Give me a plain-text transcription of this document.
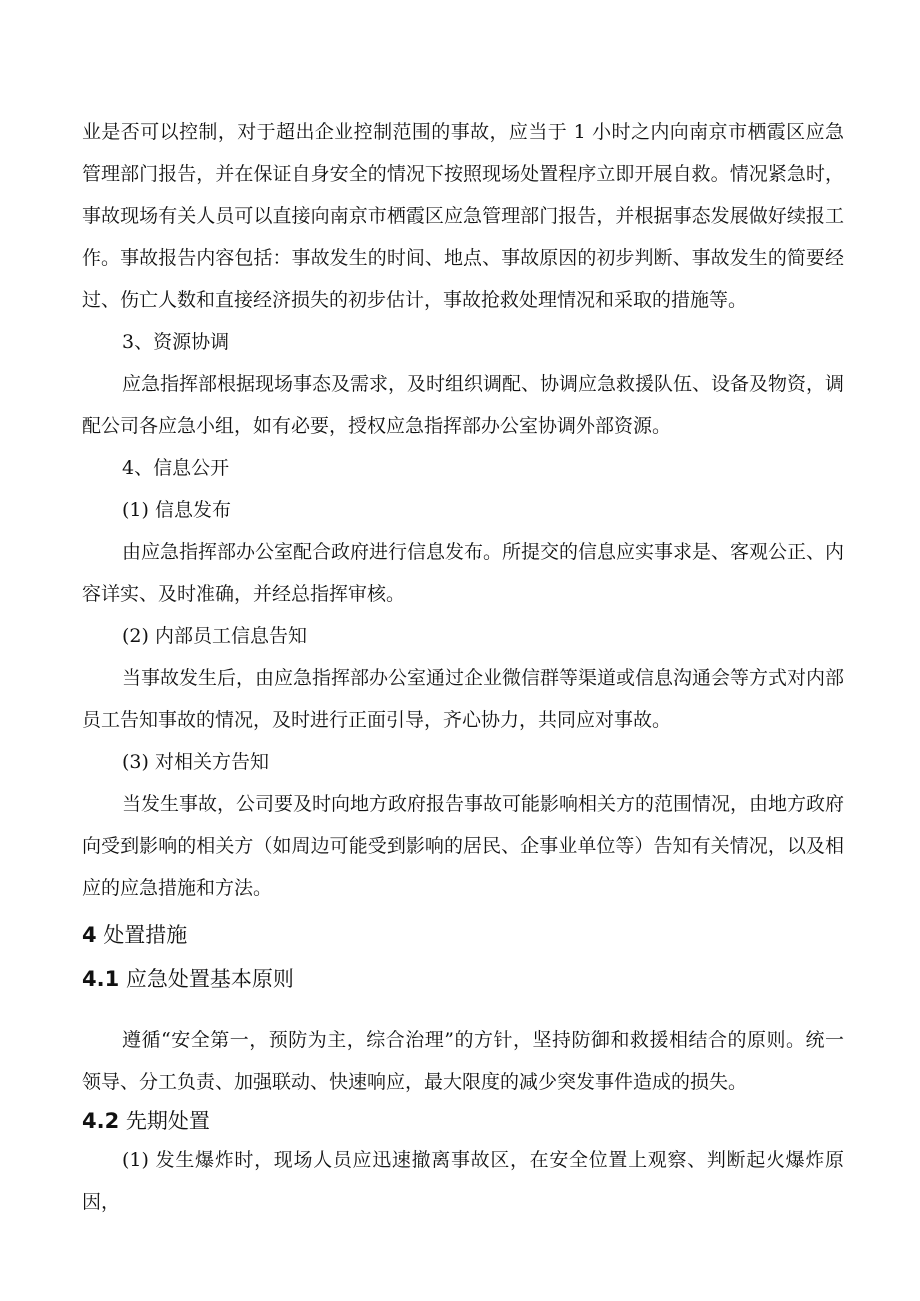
业是否可以控制，对于超出企业控制范围的事故，应当于 1 小时之内向南京市栖霞区应急管理部门报告，并在保证自身安全的情况下按照现场处置程序立即开展自救。情况紧急时，事故现场有关人员可以直接向南京市栖霞区应急管理部门报告，并根据事态发展做好续报工作。事故报告内容包括：事故发生的时间、地点、事故原因的初步判断、事故发生的简要经过、伤亡人数和直接经济损失的初步估计，事故抢救处理情况和采取的措施等。

3、资源协调

应急指挥部根据现场事态及需求，及时组织调配、协调应急救援队伍、设备及物资，调配公司各应急小组，如有必要，授权应急指挥部办公室协调外部资源。

4、信息公开

(1) 信息发布

由应急指挥部办公室配合政府进行信息发布。所提交的信息应实事求是、客观公正、内容详实、及时准确，并经总指挥审核。

(2) 内部员工信息告知

当事故发生后，由应急指挥部办公室通过企业微信群等渠道或信息沟通会等方式对内部员工告知事故的情况，及时进行正面引导，齐心协力，共同应对事故。

(3) 对相关方告知

当发生事故，公司要及时向地方政府报告事故可能影响相关方的范围情况，由地方政府向受到影响的相关方（如周边可能受到影响的居民、企事业单位等）告知有关情况，以及相应的应急措施和方法。

4 处置措施
4.1 应急处置基本原则

遵循“安全第一，预防为主，综合治理”的方针，坚持防御和救援相结合的原则。统一领导、分工负责、加强联动、快速响应，最大限度的减少突发事件造成的损失。

4.2 先期处置

(1) 发生爆炸时，现场人员应迅速撤离事故区，在安全位置上观察、判断起火爆炸原因，
